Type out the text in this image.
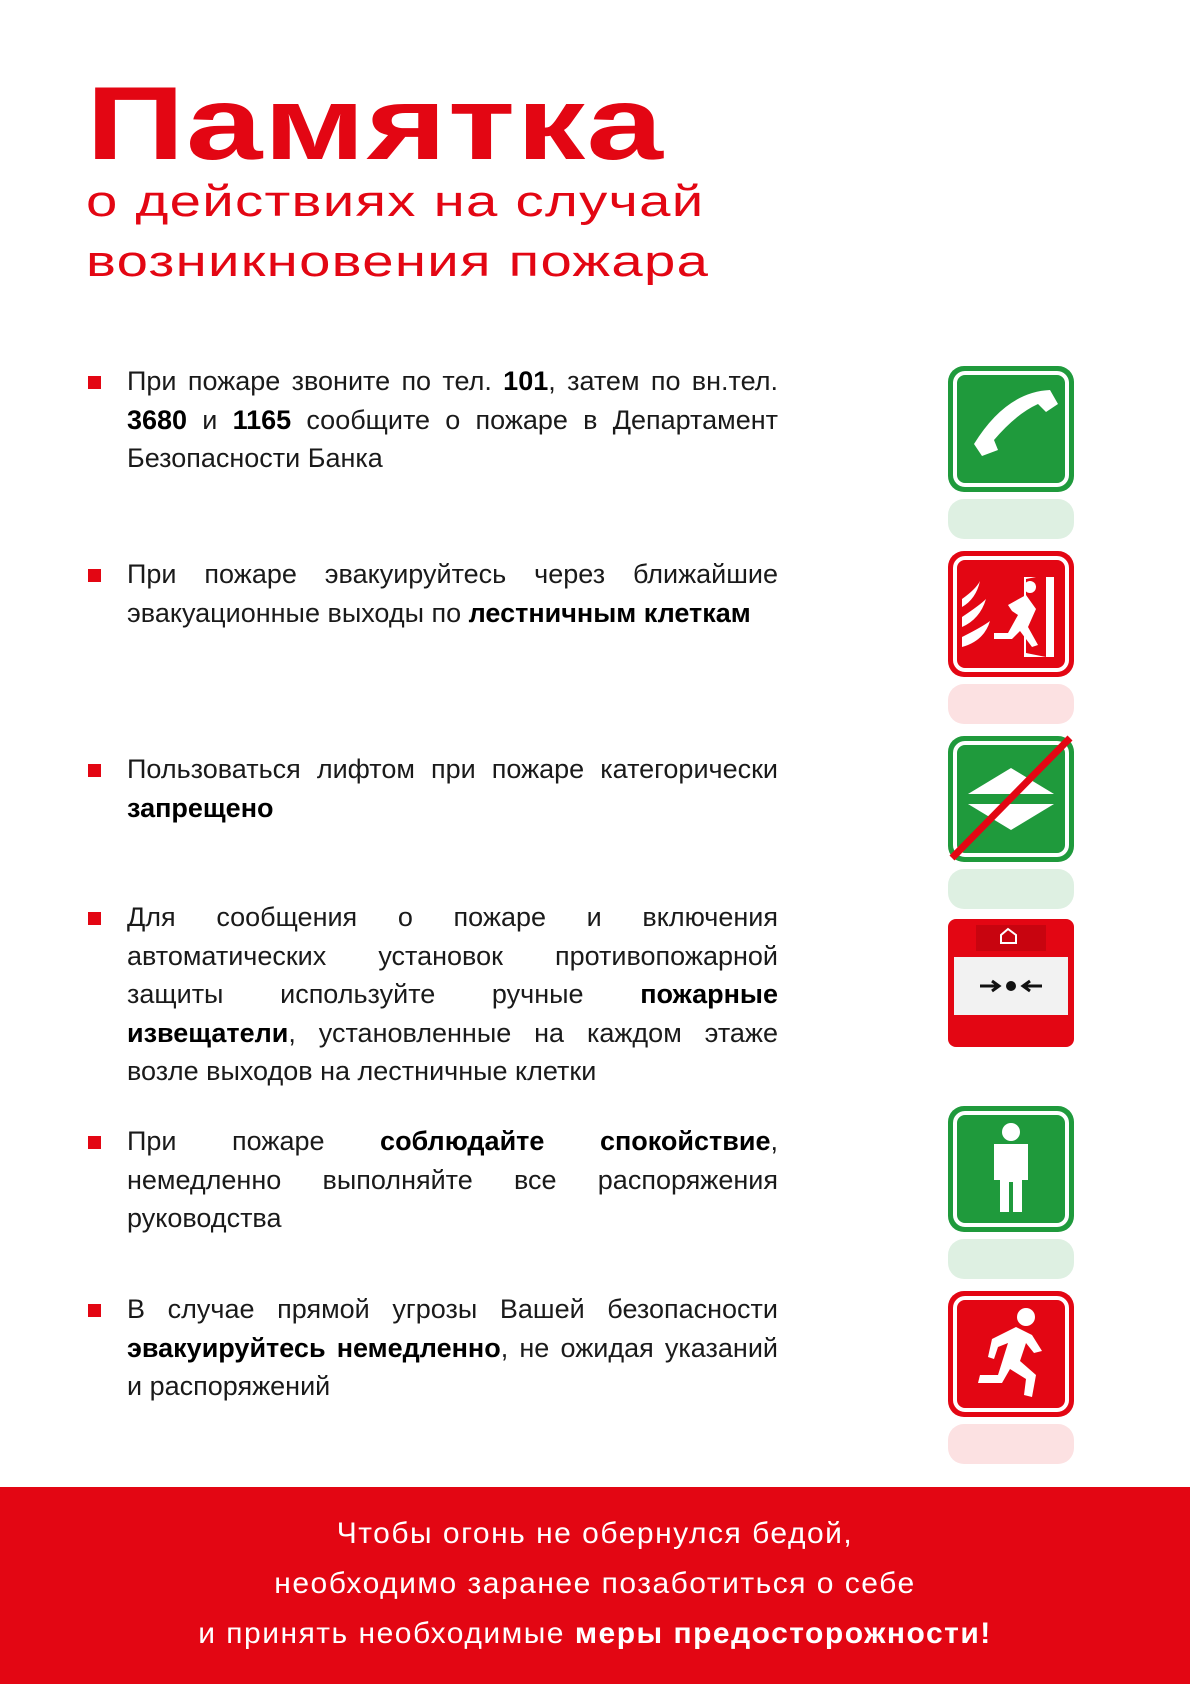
Памятка
о действиях на случай
возникновения пожара
При пожаре звоните по тел. 101, затем по вн.тел. 3680 и 1165 сообщите о пожаре в Департамент Безопасности Банка
При пожаре эвакуируйтесь через ближайшие эвакуационные выходы по лестничным клеткам
Пользоваться лифтом при пожаре категорически запрещено
Для сообщения о пожаре и включения автоматических установок противопожарной защиты используйте ручные пожарные извещатели, установленные на каждом этаже возле выходов на лестничные клетки
При пожаре соблюдайте спокойствие, немедленно выполняйте все распоряжения руководства
В случае прямой угрозы Вашей безопасности эвакуируйтесь немедленно, не ожидая указаний и распоряжений
Чтобы огонь не обернулся бедой,
необходимо заранее позаботиться о себе
и принять необходимые меры предосторожности!
